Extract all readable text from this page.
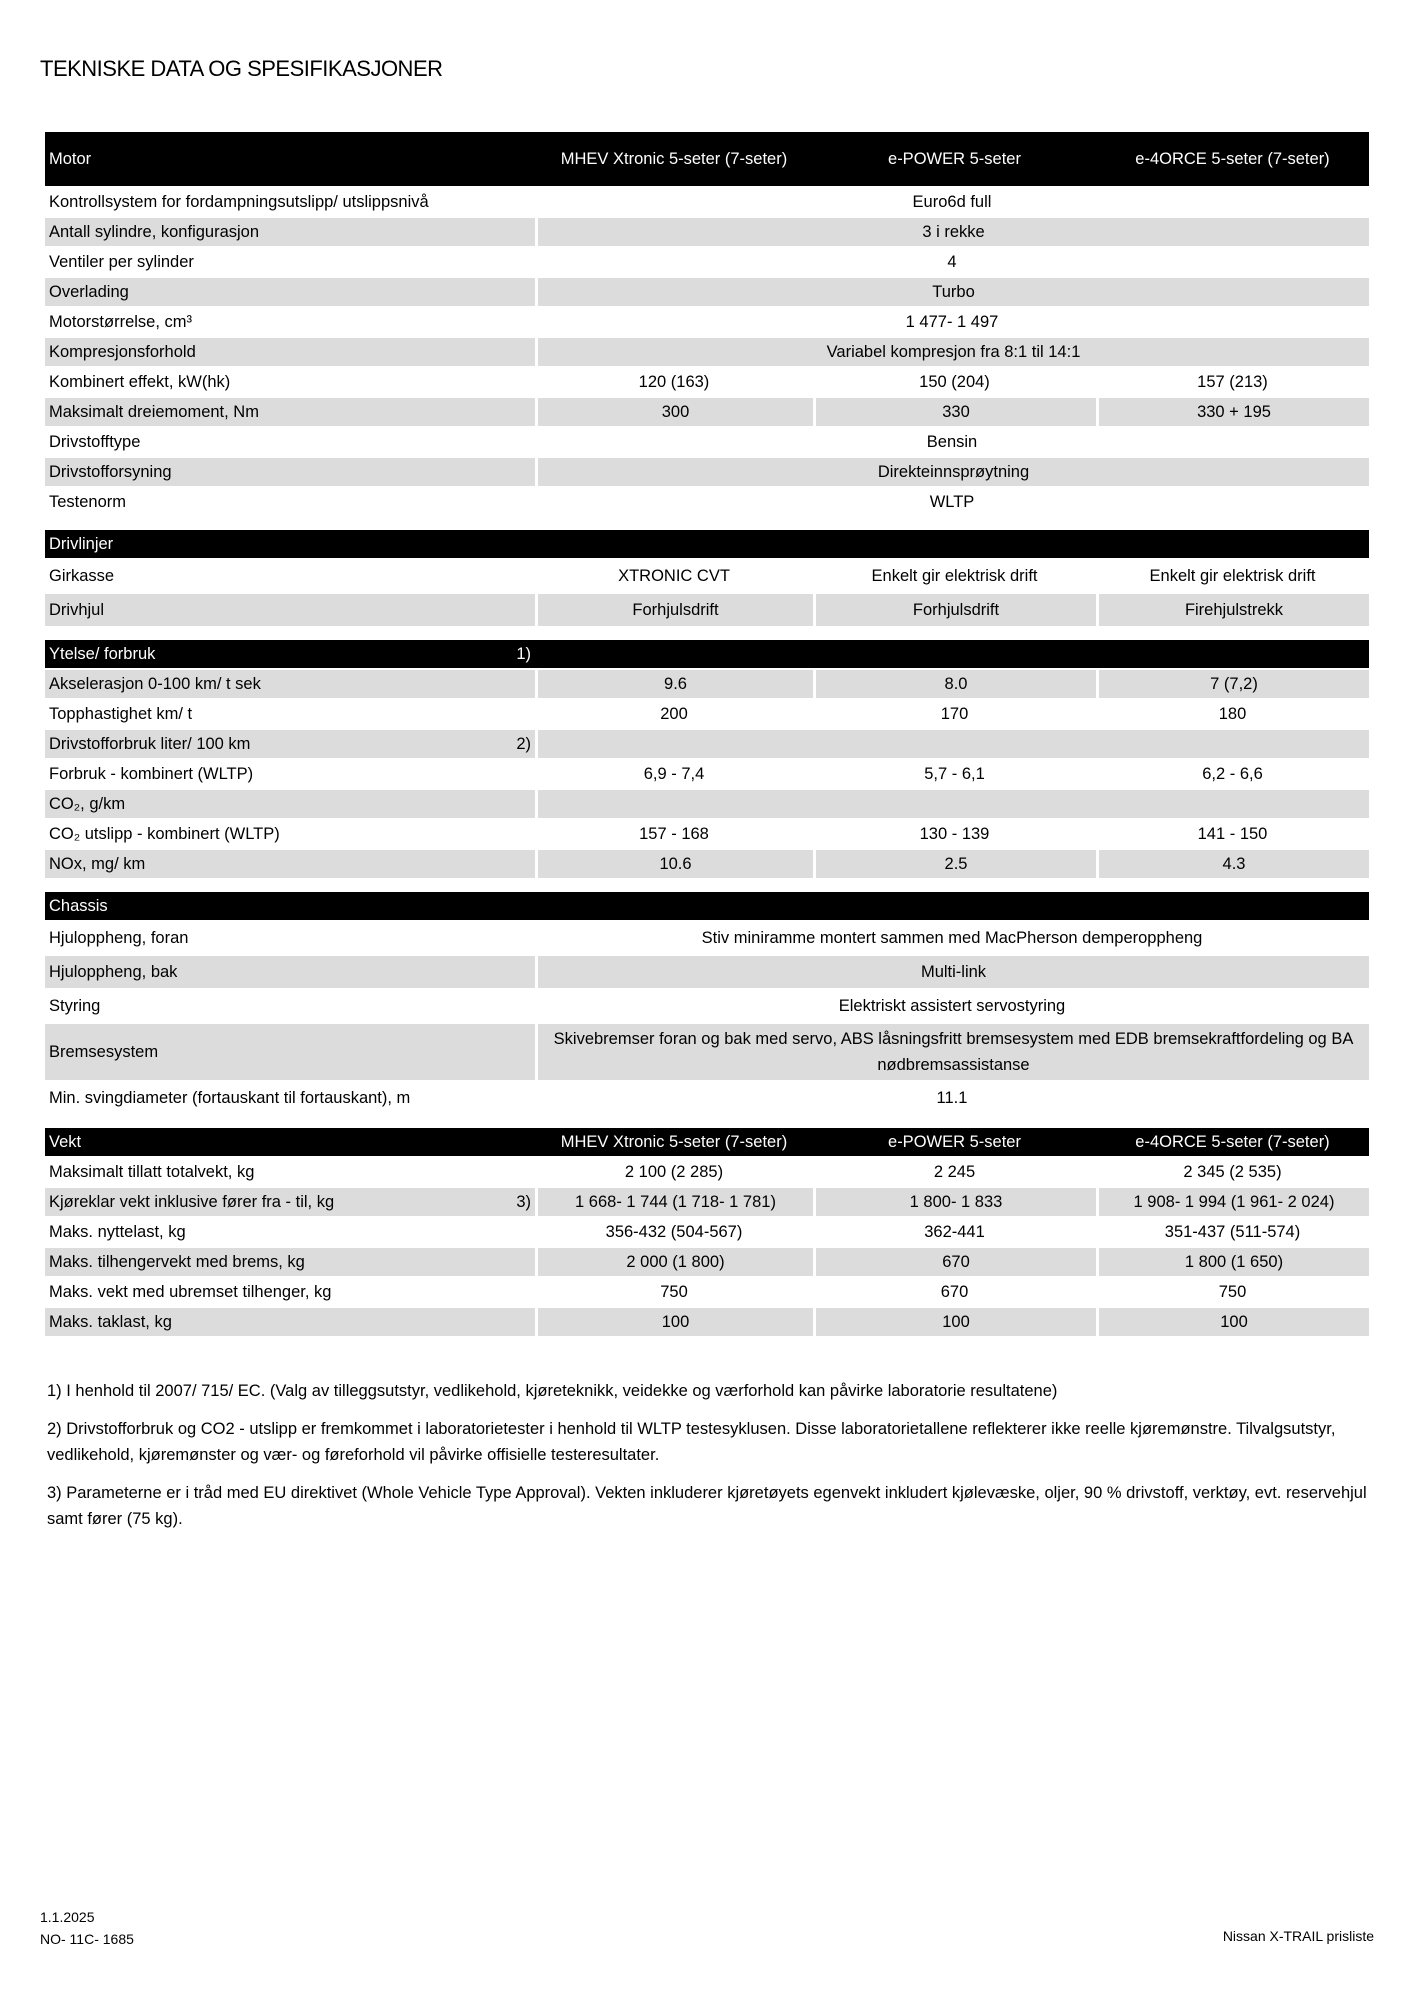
TEKNISKE DATA OG SPESIFIKASJONER
Motor		MHEV Xtronic 5-seter (7-seter)	e-POWER 5-seter	e-4ORCE 5-seter (7-seter)
Kontrollsystem for fordampningsutslipp/ utslippsnivå		Euro6d full		
Antall sylindre, konfigurasjon		3 i rekke		
Ventiler per sylinder		4		
Overlading		Turbo		
Motorstørrelse, cm³		1 477- 1 497		
Kompresjonsforhold		Variabel kompresjon fra 8:1 til 14:1		
Kombinert effekt, kW(hk)		120 (163)	150 (204)	157 (213)
Maksimalt dreiemoment, Nm		300	330	330 + 195
Drivstofftype		Bensin		
Drivstofforsyning		Direkteinnsprøytning		
Testenorm		WLTP		

Drivlinjer				
Girkasse		XTRONIC CVT	Enkelt gir elektrisk drift	Enkelt gir elektrisk drift
Drivhjul		Forhjulsdrift	Forhjulsdrift	Firehjulstrekk

Ytelse/ forbruk	1)			
Akselerasjon 0-100 km/ t sek		9.6	8.0	7 (7,2)
Topphastighet km/ t		200	170	180
Drivstofforbruk liter/ 100 km	2)			
Forbruk - kombinert (WLTP)		6,9 - 7,4	5,7 - 6,1	6,2 - 6,6
CO₂, g/km				
CO₂ utslipp - kombinert (WLTP)		157 - 168	130 - 139	141 - 150
NOx, mg/ km		10.6	2.5	4.3

Chassis				
Hjuloppheng, foran		Stiv miniramme montert sammen med MacPherson demperoppheng		
Hjuloppheng, bak		Multi-link		
Styring		Elektriskt assistert servostyring		
Bremsesystem		Skivebremser foran og bak med servo, ABS låsningsfritt bremsesystem med EDB bremsekraftfordeling og BA nødbremsassistanse		
Min. svingdiameter (fortauskant til fortauskant), m		11.1		

Vekt		MHEV Xtronic 5-seter (7-seter)	e-POWER 5-seter	e-4ORCE 5-seter (7-seter)
Maksimalt tillatt totalvekt, kg		2 100 (2 285)	2 245	2 345 (2 535)
Kjøreklar vekt inklusive fører fra - til, kg	3)	1 668- 1 744 (1 718- 1 781)	1 800- 1 833	1 908- 1 994 (1 961- 2 024)
Maks. nyttelast, kg		356-432 (504-567)	362-441	351-437 (511-574)
Maks. tilhengervekt med brems, kg		2 000 (1 800)	670	1 800 (1 650)
Maks. vekt med ubremset tilhenger, kg		750	670	750
Maks. taklast, kg		100	100	100

1) I henhold til 2007/ 715/ EC. (Valg av tilleggsutstyr, vedlikehold, kjøreteknikk, veidekke og værforhold kan påvirke laboratorie resultatene)

2) Drivstofforbruk og CO2 - utslipp er fremkommet i laboratorietester i henhold til WLTP testesyklusen. Disse laboratorietallene reflekterer ikke reelle kjøremønstre. Tilvalgsutstyr, vedlikehold, kjøremønster og vær- og føreforhold vil påvirke offisielle testeresultater.

3) Parameterne er i tråd med EU direktivet (Whole Vehicle Type Approval). Vekten inkluderer kjøretøyets egenvekt inkludert kjølevæske, oljer, 90 % drivstoff, verktøy, evt. reservehjul samt fører (75 kg).

1.1.2025
NO- 11C- 1685	Nissan X-TRAIL prisliste
